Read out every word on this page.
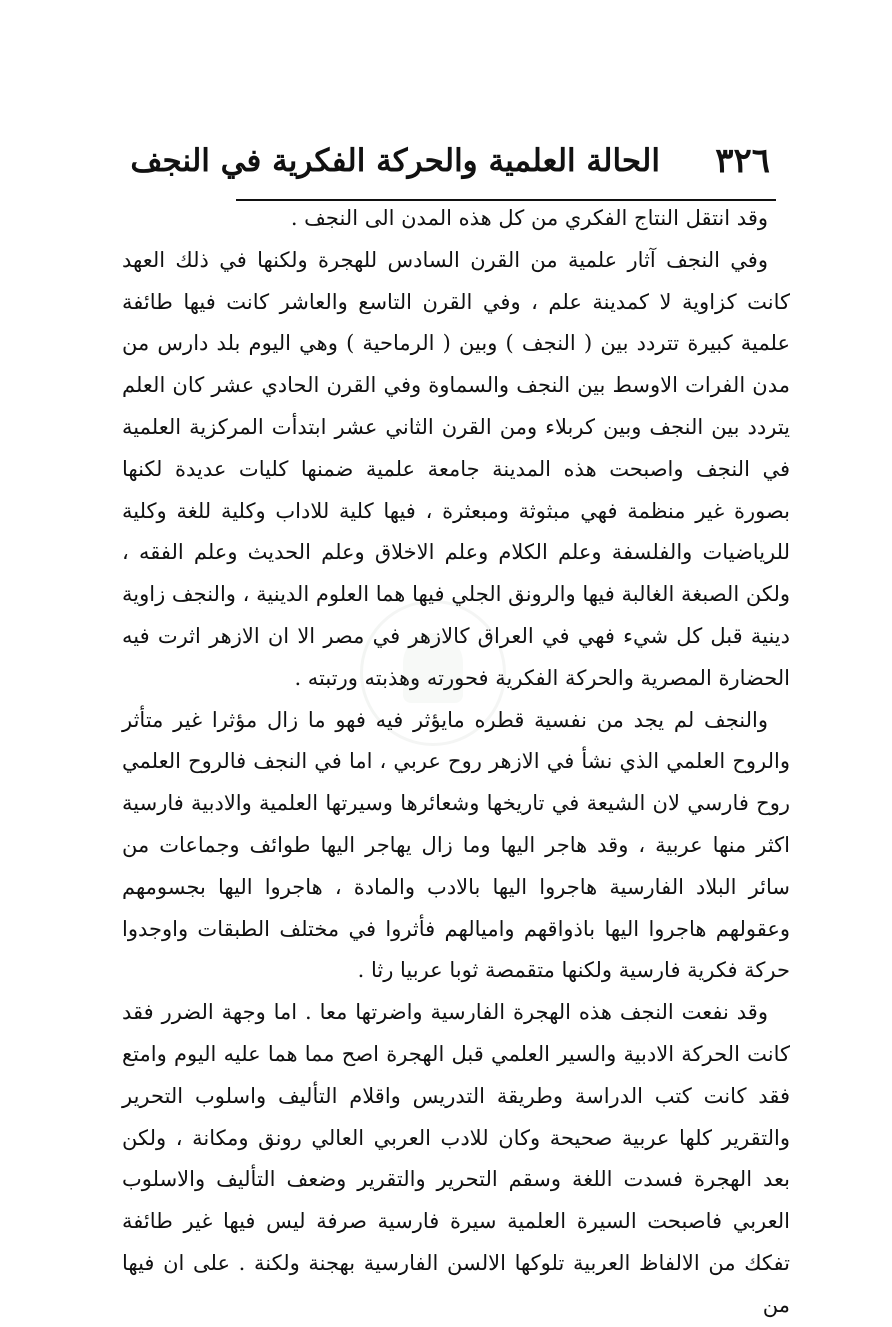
٣٢٦
الحالة العلمية والحركة الفكرية في النجف

وقد انتقل النتاج الفكري من كل هذه المدن الى النجف .

وفي النجف آثار علمية من القرن السادس للهجرة ولكنها في ذلك العهد كانت كزاوية لا كمدينة علم ، وفي القرن التاسع والعاشر كانت فيها طائفة علمية كبيرة تتردد بين ( النجف ) وبين ( الرماحية ) وهي اليوم بلد دارس من مدن الفرات الاوسط بين النجف والسماوة وفي القرن الحادي عشر كان العلم يتردد بين النجف وبين كربلاء ومن القرن الثاني عشر ابتدأت المركزية العلمية في النجف واصبحت هذه المدينة جامعة علمية ضمنها كليات عديدة لكنها بصورة غير منظمة فهي مبثوثة ومبعثرة ، فيها كلية للاداب وكلية للغة وكلية للرياضيات والفلسفة وعلم الكلام وعلم الاخلاق وعلم الحديث وعلم الفقه ، ولكن الصبغة الغالبة فيها والرونق الجلي فيها هما العلوم الدينية ، والنجف زاوية دينية قبل كل شيء فهي في العراق كالازهر في مصر الا ان الازهر اثرت فيه الحضارة المصرية والحركة الفكرية فحورته وهذبته ورتبته .

والنجف لم يجد من نفسية قطره مايؤثر فيه فهو ما زال مؤثرا غير متأثر والروح العلمي الذي نشأ في الازهر روح عربي ، اما في النجف فالروح العلمي روح فارسي لان الشيعة في تاريخها وشعائرها وسيرتها العلمية والادبية فارسية اكثر منها عربية ، وقد هاجر اليها وما زال يهاجر اليها طوائف وجماعات من سائر البلاد الفارسية هاجروا اليها بالادب والمادة ، هاجروا اليها بجسومهم وعقولهم هاجروا اليها باذواقهم واميالهم فأثروا في مختلف الطبقات واوجدوا حركة فكرية فارسية ولكنها متقمصة ثوبا عربيا رثا .

وقد نفعت النجف هذه الهجرة الفارسية واضرتها معا . اما وجهة الضرر فقد كانت الحركة الادبية والسير العلمي قبل الهجرة اصح مما هما عليه اليوم وامتع فقد كانت كتب الدراسة وطريقة التدريس واقلام التأليف واسلوب التحرير والتقرير كلها عربية صحيحة وكان للادب العربي العالي رونق ومكانة ، ولكن بعد الهجرة فسدت اللغة وسقم التحرير والتقرير وضعف التأليف والاسلوب العربي فاصبحت السيرة العلمية سيرة فارسية صرفة ليس فيها غير طائفة تفكك من الالفاظ العربية تلوكها الالسن الفارسية بهجنة ولكنة . على ان فيها من
